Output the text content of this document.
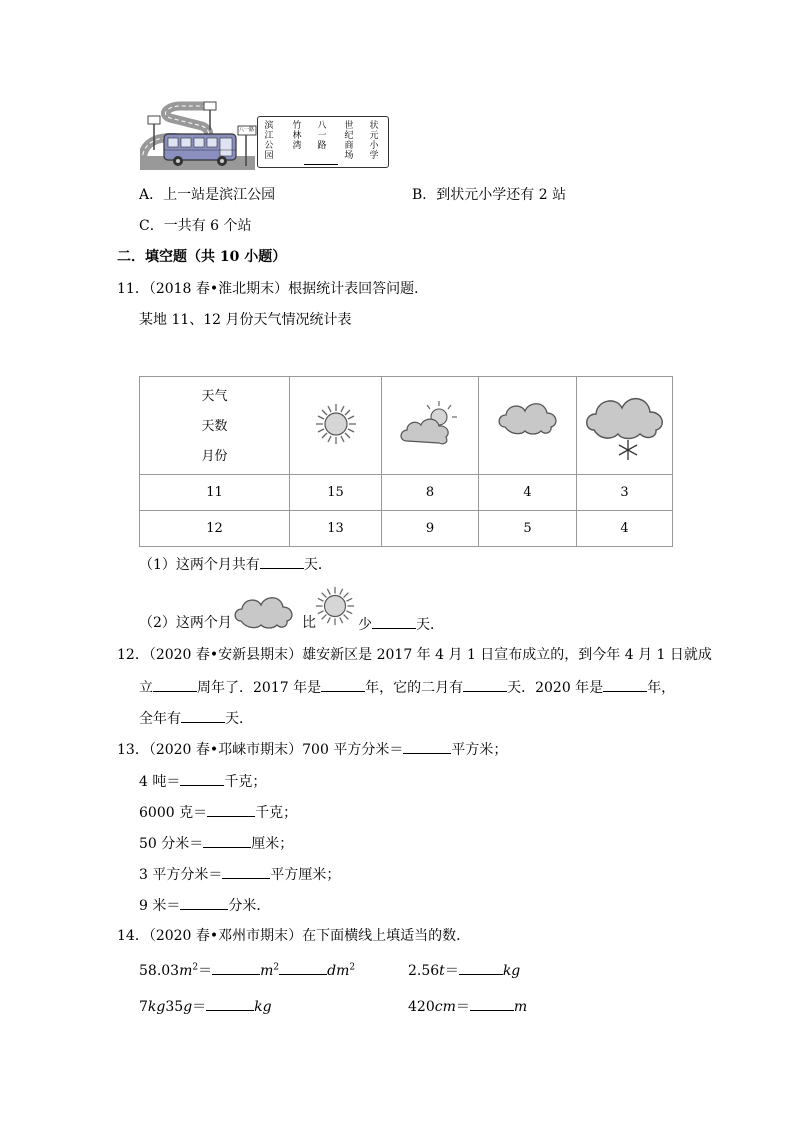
八一路 滨
江
公
园
竹
林
湾
八
一
路
世
纪
商
场
状
元
小
学
A．上一站是滨江公园	B．到状元小学还有 2 站
C．一共有 6 个站
二．填空题（共 10 小题）
11．（2018 春•淮北期末）根据统计表回答问题．
某地 11、12 月份天气情况统计表
天气
天数
月份

11	15	8	4	3
12	13	9	5	4
（1）这两个月共有	天．
（2）这两个月	比	少	天．
12．（2020 春•安新县期末）雄安新区是 2017 年 4 月 1 日宣布成立的，到今年 4 月 1 日就成
立	周年了．2017 年是	年，它的二月有	天．2020 年是	年，
全年有	天．
13．（2020 春•邛崃市期末）700 平方分米＝	平方米；
4 吨＝	千克；
6000 克＝	千克；
50 分米＝	厘米；
3 平方分米＝	平方厘米；
9 米＝	分米．
14．（2020 春•邓州市期末）在下面横线上填适当的数．
$58.03m^2=$	$m^2$	$dm^2$	2.56t＝	kg
7kg35g＝	kg	420cm＝	m
